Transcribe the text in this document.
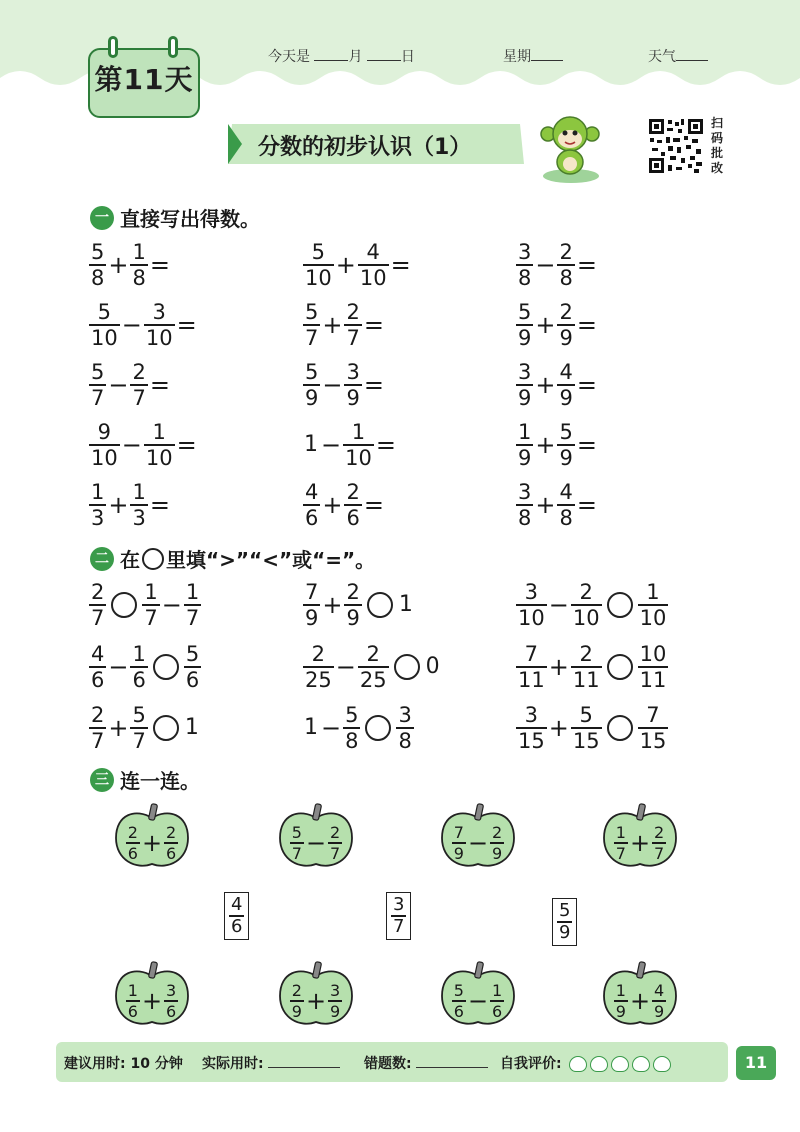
第11天
今天是	月	日	星期	天气
分数的初步认识（1）
扫
码
批
改
一 直接写出得数。
$\frac{5}{8} + \frac{1}{8}$ =	$\frac{5}{10} + \frac{4}{10}$ =	$\frac{3}{8} - \frac{2}{8}$ =
$\frac{5}{10} - \frac{3}{10}$ =	$\frac{5}{7} + \frac{2}{7}$ =	$\frac{5}{9} + \frac{2}{9}$ =
$\frac{5}{7} - \frac{2}{7}$ =	$\frac{5}{9} - \frac{3}{9}$ =	$\frac{3}{9} + \frac{4}{9}$ =
$\frac{9}{10} - \frac{1}{10}$ =	$1 - \frac{1}{10}$ =	$\frac{1}{9} + \frac{5}{9}$ =
$\frac{1}{3} + \frac{1}{3}$ =	$\frac{4}{6} + \frac{2}{6}$ =	$\frac{3}{8} + \frac{4}{8}$ =
二 在 里填“>”“<”或“=”。
$\frac{2}{7} \frac{1}{7} - \frac{1}{7}$	$\frac{7}{9} + \frac{2}{9} 1$	$\frac{3}{10} - \frac{2}{10} \frac{1}{10}$
$\frac{4}{6} - \frac{1}{6} \frac{5}{6}$	$\frac{2}{25} - \frac{2}{25} 0$	$\frac{7}{11} + \frac{2}{11} \frac{10}{11}$
$\frac{2}{7} + \frac{5}{7} 1$	$1 - \frac{5}{8} \frac{3}{8}$	$\frac{3}{15} + \frac{5}{15} \frac{7}{15}$
三 连一连。
$\frac{2}{6} + \frac{2}{6}$	$\frac{5}{7} - \frac{2}{7}$	$\frac{7}{9} - \frac{2}{9}$	$\frac{1}{7} + \frac{2}{7}$
$\frac{1}{6} + \frac{3}{6}$	$\frac{2}{9} + \frac{3}{9}$	$\frac{5}{6} - \frac{1}{6}$	$\frac{1}{9} + \frac{4}{9}$
$\frac{4}{6}$	$\frac{3}{7}$	$\frac{5}{9}$
建议用时: 10 分钟 实际用时:	错题数:	自我评价:	11
